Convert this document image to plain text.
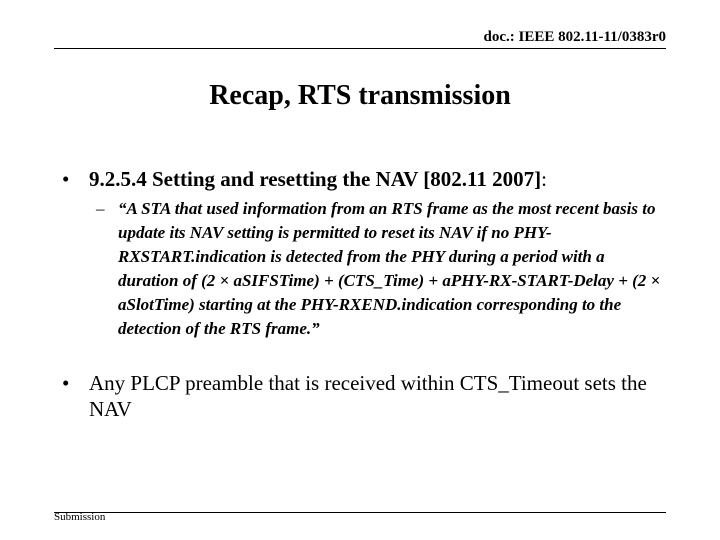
doc.: IEEE 802.11-11/0383r0
Recap, RTS transmission
• 9.2.5.4 Setting and resetting the NAV [802.11 2007]:
– “A STA that used information from an RTS frame as the most recent basis to update its NAV setting is permitted to reset its NAV if no PHY-RXSTART.indication is detected from the PHY during a period with a duration of (2 × aSIFSTime) + (CTS_Time) + aPHY-RX-START-Delay + (2 × aSlotTime) starting at the PHY-RXEND.indication corresponding to the detection of the RTS frame.”
• Any PLCP preamble that is received within CTS_Timeout sets the NAV
Submission
